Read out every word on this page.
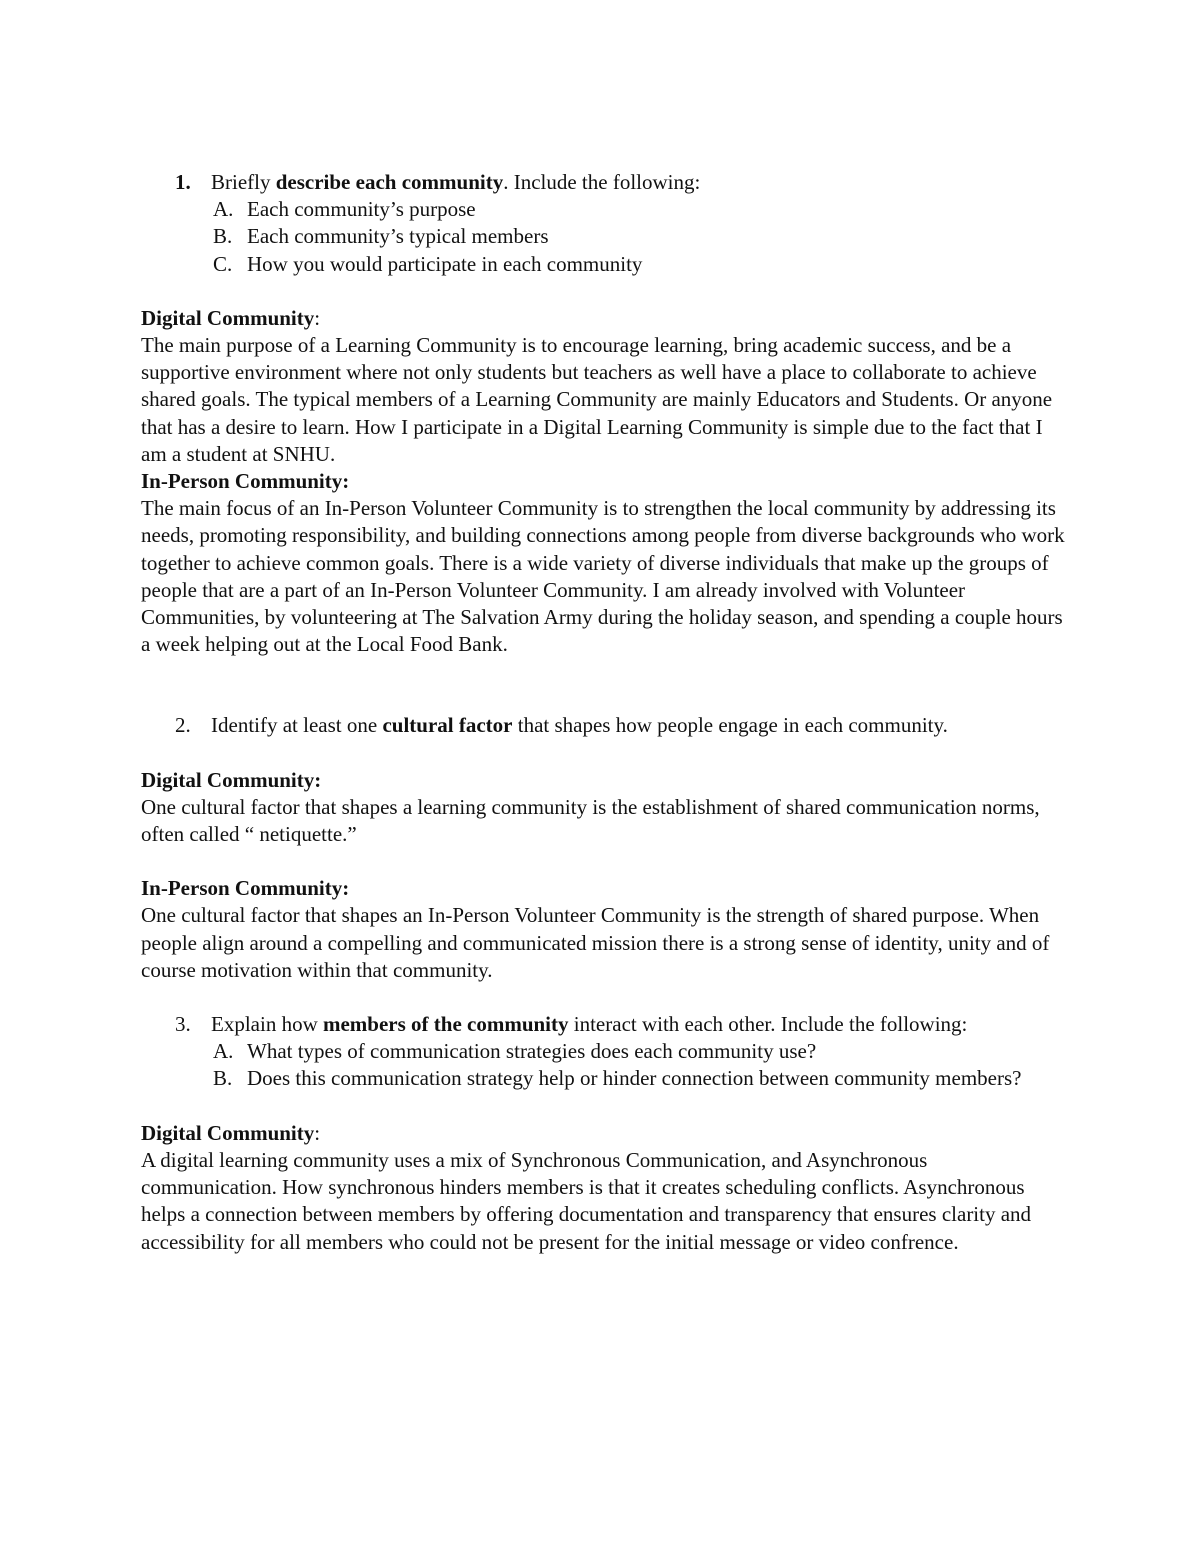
1. Briefly describe each community. Include the following:
A. Each community’s purpose
B. Each community’s typical members
C. How you would participate in each community

Digital Community:

The main purpose of a Learning Community is to encourage learning, bring academic success, and be a supportive environment where not only students but teachers as well have a place to collaborate to achieve shared goals. The typical members of a Learning Community are mainly Educators and Students. Or anyone that has a desire to learn. How I participate in a Digital Learning Community is simple due to the fact that I am a student at SNHU.

In-Person Community:

The main focus of an In-Person Volunteer Community is to strengthen the local community by addressing its needs, promoting responsibility, and building connections among people from diverse backgrounds who work together to achieve common goals. There is a wide variety of diverse individuals that make up the groups of people that are a part of an In-Person Volunteer Community. I am already involved with Volunteer Communities, by volunteering at The Salvation Army during the holiday season, and spending a couple hours a week helping out at the Local Food Bank.

2. Identify at least one cultural factor that shapes how people engage in each community.

Digital Community:

One cultural factor that shapes a learning community is the establishment of shared communication norms, often called “ netiquette.”

In-Person Community:

One cultural factor that shapes an In-Person Volunteer Community is the strength of shared purpose. When people align around a compelling and communicated mission there is a strong sense of identity, unity and of course motivation within that community.

3. Explain how members of the community interact with each other. Include the following:
A. What types of communication strategies does each community use?
B. Does this communication strategy help or hinder connection between community members?

Digital Community:

A digital learning community uses a mix of Synchronous Communication, and Asynchronous communication. How synchronous hinders members is that it creates scheduling conflicts. Asynchronous helps a connection between members by offering documentation and transparency that ensures clarity and accessibility for all members who could not be present for the initial message or video confrence.
